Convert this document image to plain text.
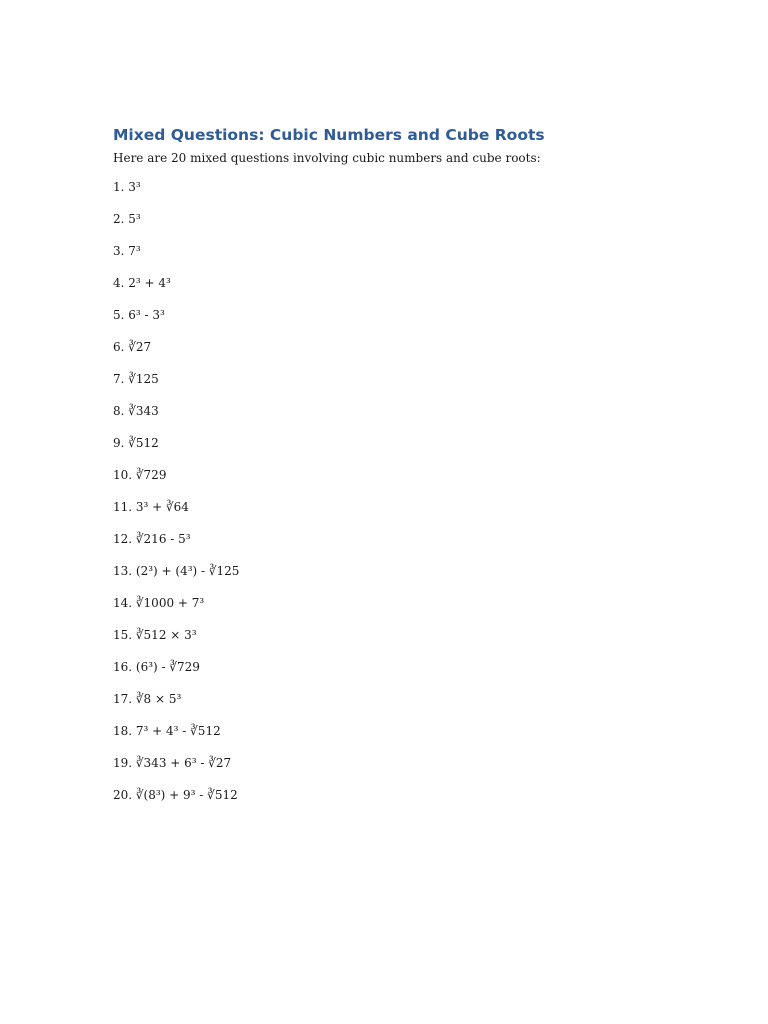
Mixed Questions: Cubic Numbers and Cube Roots

Here are 20 mixed questions involving cubic numbers and cube roots:

1. 3³
2. 5³
3. 7³
4. 2³ + 4³
5. 6³ - 3³
6. ∛27
7. ∛125
8. ∛343
9. ∛512
10. ∛729
11. 3³ + ∛64
12. ∛216 - 5³
13. (2³) + (4³) - ∛125
14. ∛1000 + 7³
15. ∛512 × 3³
16. (6³) - ∛729
17. ∛8 × 5³
18. 7³ + 4³ - ∛512
19. ∛343 + 6³ - ∛27
20. ∛(8³) + 9³ - ∛512
